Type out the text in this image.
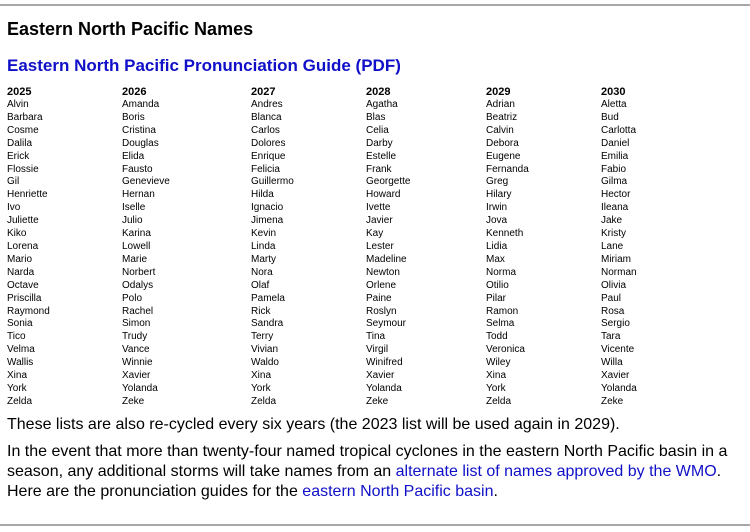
Eastern North Pacific Names
Eastern North Pacific Pronunciation Guide (PDF)
2025	2026	2027	2028	2029	2030
Alvin	Amanda	Andres	Agatha	Adrian	Aletta
Barbara	Boris	Blanca	Blas	Beatriz	Bud
Cosme	Cristina	Carlos	Celia	Calvin	Carlotta
Dalila	Douglas	Dolores	Darby	Debora	Daniel
Erick	Elida	Enrique	Estelle	Eugene	Emilia
Flossie	Fausto	Felicia	Frank	Fernanda	Fabio
Gil	Genevieve	Guillermo	Georgette	Greg	Gilma
Henriette	Hernan	Hilda	Howard	Hilary	Hector
Ivo	Iselle	Ignacio	Ivette	Irwin	Ileana
Juliette	Julio	Jimena	Javier	Jova	Jake
Kiko	Karina	Kevin	Kay	Kenneth	Kristy
Lorena	Lowell	Linda	Lester	Lidia	Lane
Mario	Marie	Marty	Madeline	Max	Miriam
Narda	Norbert	Nora	Newton	Norma	Norman
Octave	Odalys	Olaf	Orlene	Otilio	Olivia
Priscilla	Polo	Pamela	Paine	Pilar	Paul
Raymond	Rachel	Rick	Roslyn	Ramon	Rosa
Sonia	Simon	Sandra	Seymour	Selma	Sergio
Tico	Trudy	Terry	Tina	Todd	Tara
Velma	Vance	Vivian	Virgil	Veronica	Vicente
Wallis	Winnie	Waldo	Winifred	Wiley	Willa
Xina	Xavier	Xina	Xavier	Xina	Xavier
York	Yolanda	York	Yolanda	York	Yolanda
Zelda	Zeke	Zelda	Zeke	Zelda	Zeke

These lists are also re-cycled every six years (the 2023 list will be used again in 2029).

In the event that more than twenty-four named tropical cyclones in the eastern North Pacific basin in a season, any additional storms will take names from an alternate list of names approved by the WMO. Here are the pronunciation guides for the eastern North Pacific basin.
